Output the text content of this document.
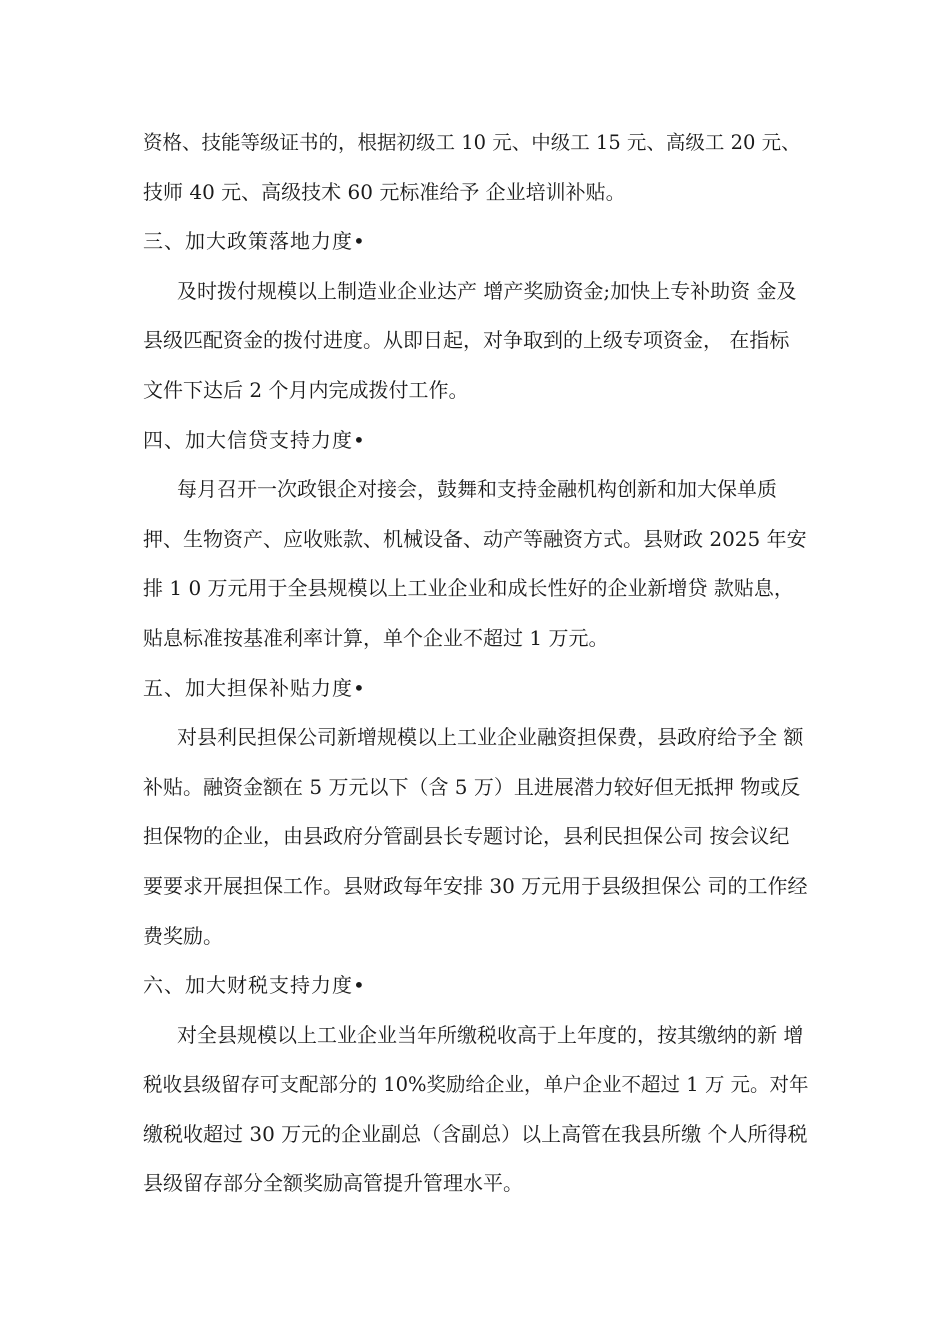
资格、技能等级证书的，根据初级工 10 元、中级工 15 元、高级工 20 元、
技师 40 元、高级技术 60 元标准给予 企业培训补贴。
三、加大政策落地力度•
及时拨付规模以上制造业企业达产 增产奖励资金;加快上专补助资 金及
县级匹配资金的拨付进度。从即日起，对争取到的上级专项资金， 在指标
文件下达后 2 个月内完成拨付工作。
四、加大信贷支持力度•
每月召开一次政银企对接会，鼓舞和支持金融机构创新和加大保单质
押、生物资产、应收账款、机械设备、动产等融资方式。县财政 2025 年安
排 1 0 万元用于全县规模以上工业企业和成长性好的企业新增贷 款贴息，
贴息标准按基准利率计算，单个企业不超过 1 万元。
五、加大担保补贴力度•
对县利民担保公司新增规模以上工业企业融资担保费，县政府给予全 额
补贴。融资金额在 5 万元以下（含 5 万）且进展潜力较好但无抵押 物或反
担保物的企业，由县政府分管副县长专题讨论，县利民担保公司 按会议纪
要要求开展担保工作。县财政每年安排 30 万元用于县级担保公 司的工作经
费奖励。
六、加大财税支持力度•
对全县规模以上工业企业当年所缴税收高于上年度的，按其缴纳的新 增
税收县级留存可支配部分的 10%奖励给企业，单户企业不超过 1 万 元。对年
缴税收超过 30 万元的企业副总（含副总）以上高管在我县所缴 个人所得税
县级留存部分全额奖励高管提升管理水平。
